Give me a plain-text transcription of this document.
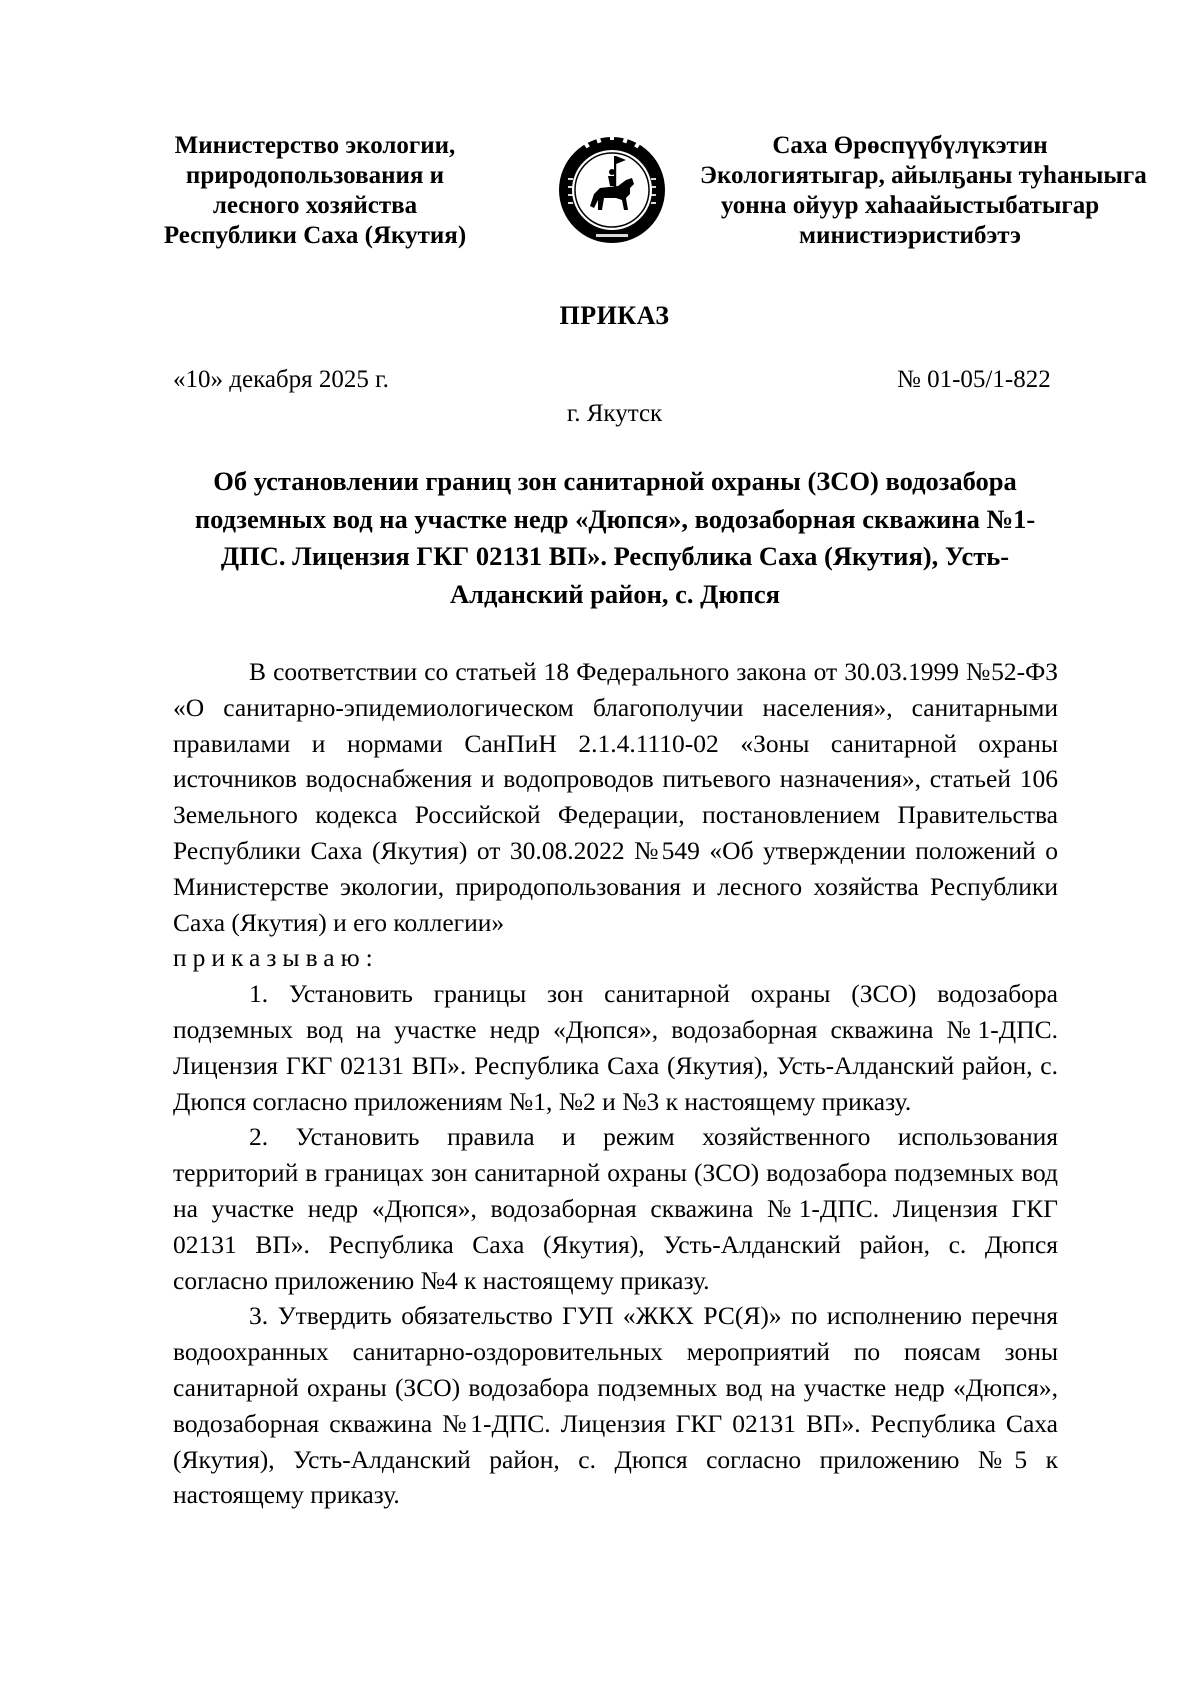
Министерство экологии,
природопользования и
лесного хозяйства
Республики Саха (Якутия)
Саха Өрөспүүбүлүкэтин
Экологиятыгар, айылҕаны туһаныыга
уонна ойуур хаһаайыстыбатыгар
министиэристибэтэ
ПРИКАЗ
«10» декабря 2025 г.	№ 01-05/1-822
г. Якутск
Об установлении границ зон санитарной охраны (ЗСО) водозабора
подземных вод на участке недр «Дюпся», водозаборная скважина №1-
ДПС. Лицензия ГКГ 02131 ВП». Республика Саха (Якутия), Усть-
Алданский район, с. Дюпся

В соответствии со статьей 18 Федерального закона от 30.03.1999 №52-ФЗ «О санитарно-эпидемиологическом благополучии населения», санитарными правилами и нормами СанПиН 2.1.4.1110-02 «Зоны санитарной охраны источников водоснабжения и водопроводов питьевого назначения», статьей 106 Земельного кодекса Российской Федерации, постановлением Правительства Республики Саха (Якутия) от 30.08.2022 №549 «Об утверждении положений о Министерстве экологии, природопользования и лесного хозяйства Республики Саха (Якутия) и его коллегии»

приказываю:

1. Установить границы зон санитарной охраны (ЗСО) водозабора подземных вод на участке недр «Дюпся», водозаборная скважина №1-ДПС. Лицензия ГКГ 02131 ВП». Республика Саха (Якутия), Усть-Алданский район, с. Дюпся согласно приложениям №1, №2 и №3 к настоящему приказу.

2. Установить правила и режим хозяйственного использования территорий в границах зон санитарной охраны (ЗСО) водозабора подземных вод на участке недр «Дюпся», водозаборная скважина №1-ДПС. Лицензия ГКГ 02131 ВП». Республика Саха (Якутия), Усть-Алданский район, с. Дюпся согласно приложению №4 к настоящему приказу.

3. Утвердить обязательство ГУП «ЖКХ РС(Я)» по исполнению перечня водоохранных санитарно-оздоровительных мероприятий по поясам зоны санитарной охраны (ЗСО) водозабора подземных вод на участке недр «Дюпся», водозаборная скважина №1-ДПС. Лицензия ГКГ 02131 ВП». Республика Саха (Якутия), Усть-Алданский район, с. Дюпся согласно приложению №5 к настоящему приказу.
